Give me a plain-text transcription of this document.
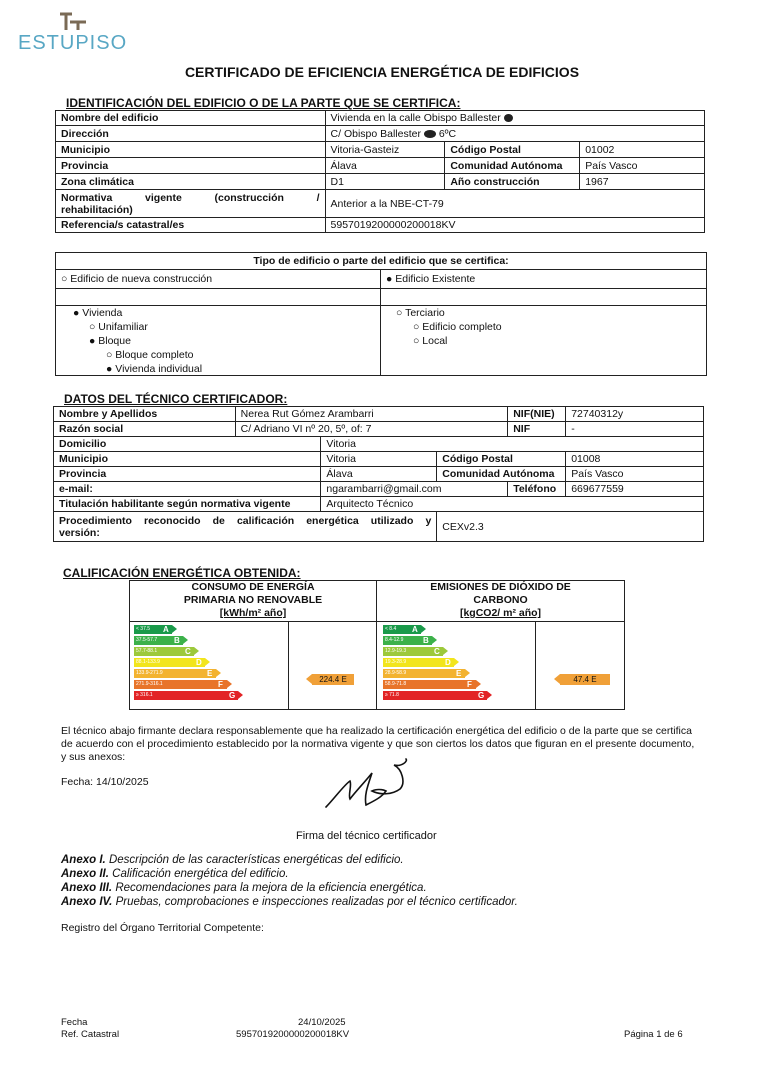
ESTUPISO
CERTIFICADO DE EFICIENCIA ENERGÉTICA DE EDIFICIOS
IDENTIFICACIÓN DEL EDIFICIO O DE LA PARTE QUE SE CERTIFICA:
Nombre del edificio	Vivienda en la calle Obispo Ballester		
Dirección	C/ Obispo Ballester 6ºC		
Municipio	Vitoria-Gasteiz	Código Postal	01002
Provincia	Álava	Comunidad Autónoma	País Vasco
Zona climática	D1	Año construcción	1967

Normativa vigente (construcción /
rehabilitación)	Anterior a la NBE-CT-79		
Referencia/s catastral/es	5957019200000200018KV		
Tipo de edificio o parte del edificio que se certifica:
○ Edificio de nueva construcción	● Edificio Existente
● Vivienda
○ Unifamiliar
● Bloque
○ Bloque completo
● Vivienda individual
○ Terciario
○ Edificio completo
○ Local
DATOS DEL TÉCNICO CERTIFICADOR:
Nombre y Apellidos	Nerea Rut Gómez Arambarri			NIF(NIE)	72740312y
Razón social	C/ Adriano VI nº 20, 5º, of: 7			NIF	-
Domicilio		Vitoria			
Municipio		Vitoria	Código Postal		01008
Provincia		Álava	Comunidad Autónoma		País Vasco
e-mail:		ngarambarri@gmail.com		Teléfono	669677559
Titulación habilitante según normativa vigente		Arquitecto Técnico			

Procedimiento reconocido de calificación energética utilizado y
versión:			CEXv2.3		
CALIFICACIÓN ENERGÉTICA OBTENIDA:
CONSUMO DE ENERGÍA
PRIMARIA NO RENOVABLE
[kWh/m² año]
EMISIONES DE DIÓXIDO DE
CARBONO
[kgCO2/ m² año]
< 37.5 A
37.5-57.7 B
57.7-88.1	C
88.1-133.9	D
133.9-271.9	E
271.9-316.1	F
≥ 316.1	G
< 8.4 A
8.4-12.9 B
12.9-19.3	C
19.3-28.9	D
28.9-58.9	E
58.9-71.8	F
≥ 71.8	G
224.4 E	47.4 E
El técnico abajo firmante declara responsablemente que ha realizado la certificación energética del edificio o de la parte que se certifica de acuerdo con el procedimiento establecido por la normativa vigente y que son ciertos los datos que figuran en el presente documento, y sus anexos:
Fecha: 14/10/2025
Firma del técnico certificador
Anexo I. Descripción de las características energéticas del edificio.
Anexo II. Calificación energética del edificio.
Anexo III. Recomendaciones para la mejora de la eficiencia energética.
Anexo IV. Pruebas, comprobaciones e inspecciones realizadas por el técnico certificador.
Registro del Órgano Territorial Competente:
Fecha
Ref. Catastral
24/10/2025
5957019200000200018KV	Página 1 de 6
